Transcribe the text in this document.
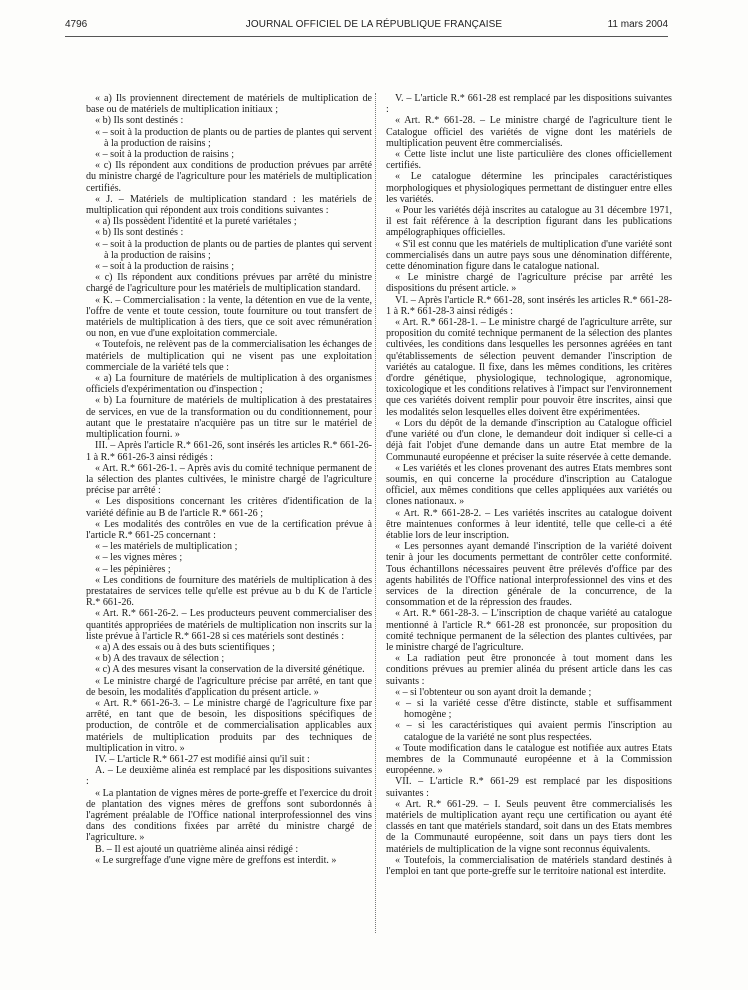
4796	JOURNAL OFFICIEL DE LA RÉPUBLIQUE FRANÇAISE	11 mars 2004

« a) Ils proviennent directement de matériels de multiplication de base ou de matériels de multiplication initiaux ;

« b) Ils sont destinés :

« – soit à la production de plants ou de parties de plantes qui servent à la production de raisins ;

« – soit à la production de raisins ;

« c) Ils répondent aux conditions de production prévues par arrêté du ministre chargé de l'agriculture pour les matériels de multiplication certifiés.

« J. – Matériels de multiplication standard : les matériels de multiplication qui répondent aux trois conditions suivantes :

« a) Ils possèdent l'identité et la pureté variétales ;

« b) Ils sont destinés :

« – soit à la production de plants ou de parties de plantes qui servent à la production de raisins ;

« – soit à la production de raisins ;

« c) Ils répondent aux conditions prévues par arrêté du ministre chargé de l'agriculture pour les matériels de multiplication standard.

« K. – Commercialisation : la vente, la détention en vue de la vente, l'offre de vente et toute cession, toute fourniture ou tout transfert de matériels de multiplication à des tiers, que ce soit avec rémunération ou non, en vue d'une exploitation commerciale.

« Toutefois, ne relèvent pas de la commercialisation les échanges de matériels de multiplication qui ne visent pas une exploitation commerciale de la variété tels que :

« a) La fourniture de matériels de multiplication à des organismes officiels d'expérimentation ou d'inspection ;

« b) La fourniture de matériels de multiplication à des prestataires de services, en vue de la transformation ou du conditionnement, pour autant que le prestataire n'acquière pas un titre sur le matériel de multiplication fourni. »

III. – Après l'article R.* 661-26, sont insérés les articles R.* 661-26-1 à R.* 661-26-3 ainsi rédigés :

« Art. R.* 661-26-1. – Après avis du comité technique permanent de la sélection des plantes cultivées, le ministre chargé de l'agriculture précise par arrêté :

« Les dispositions concernant les critères d'identification de la variété définie au B de l'article R.* 661-26 ;

« Les modalités des contrôles en vue de la certification prévue à l'article R.* 661-25 concernant :

« – les matériels de multiplication ;

« – les vignes mères ;

« – les pépinières ;

« Les conditions de fourniture des matériels de multiplication à des prestataires de services telle qu'elle est prévue au b du K de l'article R.* 661-26.

« Art. R.* 661-26-2. – Les producteurs peuvent commercialiser des quantités appropriées de matériels de multiplication non inscrits sur la liste prévue à l'article R.* 661-28 si ces matériels sont destinés :

« a) A des essais ou à des buts scientifiques ;

« b) A des travaux de sélection ;

« c) A des mesures visant la conservation de la diversité génétique.

« Le ministre chargé de l'agriculture précise par arrêté, en tant que de besoin, les modalités d'application du présent article. »

« Art. R.* 661-26-3. – Le ministre chargé de l'agriculture fixe par arrêté, en tant que de besoin, les dispositions spécifiques de production, de contrôle et de commercialisation applicables aux matériels de multiplication produits par des techniques de multiplication in vitro. »

IV. – L'article R.* 661-27 est modifié ainsi qu'il suit :

A. – Le deuxième alinéa est remplacé par les dispositions suivantes :

« La plantation de vignes mères de porte-greffe et l'exercice du droit de plantation des vignes mères de greffons sont subordonnés à l'agrément préalable de l'Office national interprofessionnel des vins dans des conditions fixées par arrêté du ministre chargé de l'agriculture. »

B. – Il est ajouté un quatrième alinéa ainsi rédigé :

« Le surgreffage d'une vigne mère de greffons est interdit. »

V. – L'article R.* 661-28 est remplacé par les dispositions suivantes :

« Art. R.* 661-28. – Le ministre chargé de l'agriculture tient le Catalogue officiel des variétés de vigne dont les matériels de multiplication peuvent être commercialisés.

« Cette liste inclut une liste particulière des clones officiellement certifiés.

« Le catalogue détermine les principales caractéristiques morphologiques et physiologiques permettant de distinguer entre elles les variétés.

« Pour les variétés déjà inscrites au catalogue au 31 décembre 1971, il est fait référence à la description figurant dans les publications ampélographiques officielles.

« S'il est connu que les matériels de multiplication d'une variété sont commercialisés dans un autre pays sous une dénomination différente, cette dénomination figure dans le catalogue national.

« Le ministre chargé de l'agriculture précise par arrêté les dispositions du présent article. »

VI. – Après l'article R.* 661-28, sont insérés les articles R.* 661-28-1 à R.* 661-28-3 ainsi rédigés :

« Art. R.* 661-28-1. – Le ministre chargé de l'agriculture arrête, sur proposition du comité technique permanent de la sélection des plantes cultivées, les conditions dans lesquelles les personnes agréées en tant qu'établissements de sélection peuvent demander l'inscription de variétés au catalogue. Il fixe, dans les mêmes conditions, les critères d'ordre génétique, physiologique, technologique, agronomique, toxicologique et les conditions relatives à l'impact sur l'environnement que ces variétés doivent remplir pour pouvoir être inscrites, ainsi que les modalités selon lesquelles elles doivent être expérimentées.

« Lors du dépôt de la demande d'inscription au Catalogue officiel d'une variété ou d'un clone, le demandeur doit indiquer si celle-ci a déjà fait l'objet d'une demande dans un autre Etat membre de la Communauté européenne et préciser la suite réservée à cette demande.

« Les variétés et les clones provenant des autres Etats membres sont soumis, en qui concerne la procédure d'inscription au Catalogue officiel, aux mêmes conditions que celles appliquées aux variétés ou clones nationaux. »

« Art. R.* 661-28-2. – Les variétés inscrites au catalogue doivent être maintenues conformes à leur identité, telle que celle-ci a été établie lors de leur inscription.

« Les personnes ayant demandé l'inscription de la variété doivent tenir à jour les documents permettant de contrôler cette conformité. Tous échantillons nécessaires peuvent être prélevés d'office par des agents habilités de l'Office national interprofessionnel des vins et des services de la direction générale de la concurrence, de la consommation et de la répression des fraudes.

« Art. R.* 661-28-3. – L'inscription de chaque variété au catalogue mentionné à l'article R.* 661-28 est prononcée, sur proposition du comité technique permanent de la sélection des plantes cultivées, par le ministre chargé de l'agriculture.

« La radiation peut être prononcée à tout moment dans les conditions prévues au premier alinéa du présent article dans les cas suivants :

« – si l'obtenteur ou son ayant droit la demande ;

« – si la variété cesse d'être distincte, stable et suffisamment homogène ;

« – si les caractéristiques qui avaient permis l'inscription au catalogue de la variété ne sont plus respectées.

« Toute modification dans le catalogue est notifiée aux autres Etats membres de la Communauté européenne et à la Commission européenne. »

VII. – L'article R.* 661-29 est remplacé par les dispositions suivantes :

« Art. R.* 661-29. – I. Seuls peuvent être commercialisés les matériels de multiplication ayant reçu une certification ou ayant été classés en tant que matériels standard, soit dans un des Etats membres de la Communauté européenne, soit dans un pays tiers dont les matériels de multiplication de la vigne sont reconnus équivalents.

« Toutefois, la commercialisation de matériels standard destinés à l'emploi en tant que porte-greffe sur le territoire national est interdite.
